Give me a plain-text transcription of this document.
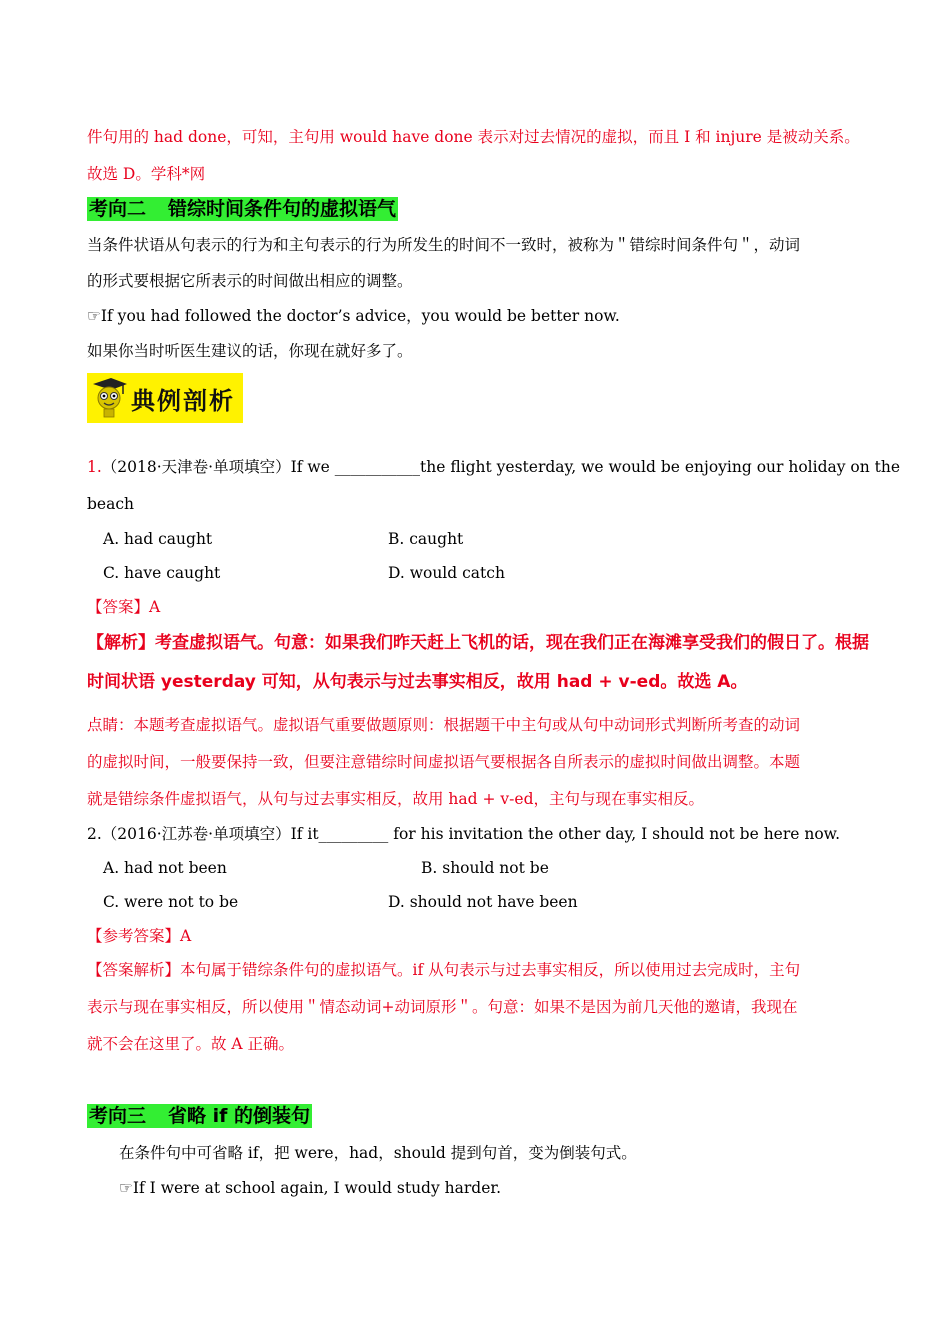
件句用的 had done，可知，主句用 would have done 表示对过去情况的虚拟，而且 I 和 injure 是被动关系。
故选 D。学科*网
考向二 错综时间条件句的虚拟语气
当条件状语从句表示的行为和主句表示的行为所发生的时间不一致时，被称为＂错综时间条件句＂，动词
的形式要根据它所表示的时间做出相应的调整。
☞If you had followed the doctor’s advice，you would be better now.
如果你当时听医生建议的话，你现在就好多了。
典例剖析
1.（2018·天津卷·单项填空）If we ___________the flight yesterday, we would be enjoying our holiday on the
beach
A. had caught	B. caught
C. have caught	D. would catch
【答案】A
【解析】考查虚拟语气。句意：如果我们昨天赶上飞机的话，现在我们正在海滩享受我们的假日了。根据
时间状语 yesterday 可知，从句表示与过去事实相反，故用 had + v-ed。故选 A。
点睛：本题考查虚拟语气。虚拟语气重要做题原则：根据题干中主句或从句中动词形式判断所考查的动词
的虚拟时间，一般要保持一致，但要注意错综时间虚拟语气要根据各自所表示的虚拟时间做出调整。本题
就是错综条件虚拟语气，从句与过去事实相反，故用 had + v-ed，主句与现在事实相反。
2.（2016·江苏卷·单项填空）If it_________ for his invitation the other day, I should not be here now.
A. had not been	B. should not be
C. were not to be	D. should not have been
【参考答案】A
【答案解析】本句属于错综条件句的虚拟语气。if 从句表示与过去事实相反，所以使用过去完成时，主句
表示与现在事实相反，所以使用＂情态动词+动词原形＂。句意：如果不是因为前几天他的邀请，我现在
就不会在这里了。故 A 正确。
考向三 省略 if 的倒装句
在条件句中可省略 if，把 were，had，should 提到句首，变为倒装句式。
☞If I were at school again, I would study harder.
